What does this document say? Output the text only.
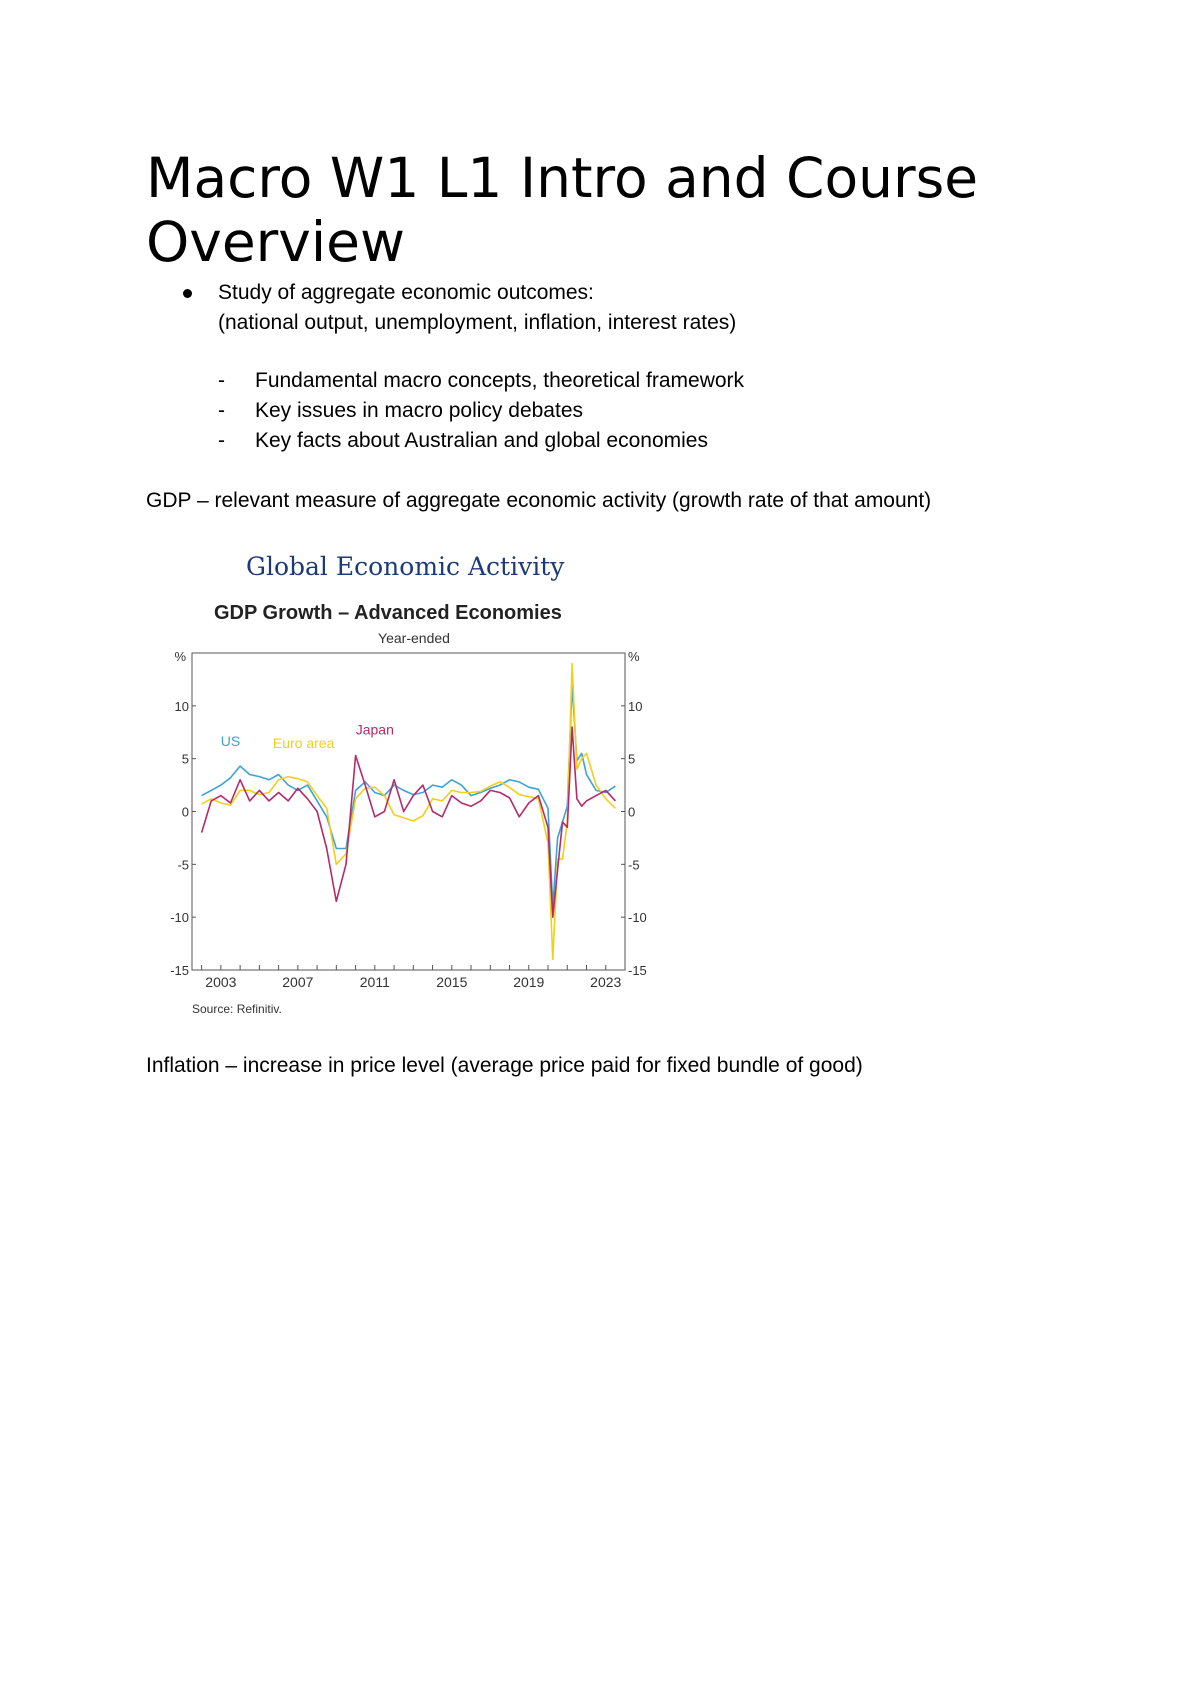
Macro W1 L1 Intro and Course Overview
Study of aggregate economic outcomes:
(national output, unemployment, inflation, interest rates)
- Fundamental macro concepts, theoretical framework
- Key issues in macro policy debates
- Key facts about Australian and global economies

GDP – relevant measure of aggregate economic activity (growth rate of that amount)

Global Economic Activity
GDP Growth – Advanced Economies
Year-ended
%	%
10	10
5	5
0	0
-5	-5
-10	-10
-15	-15
2003	2007	2011	2015	2019	2023
US Euro area
Japan
Source: Refinitiv.

Inflation – increase in price level (average price paid for fixed bundle of good)
